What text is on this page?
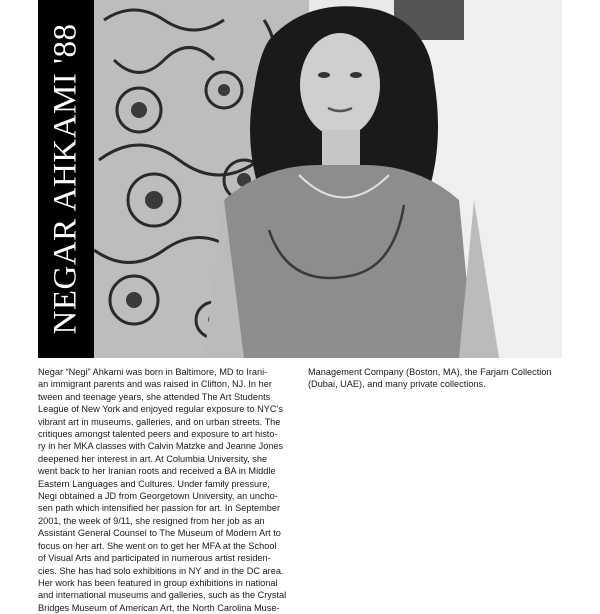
NEGAR AHKAMI '88
Negar “Negi” Ahkami was born in Baltimore, MD to Irani-
an immigrant parents and was raised in Clifton, NJ. In her
tween and teenage years, she attended The Art Students
League of New York and enjoyed regular exposure to NYC’s
vibrant art in museums, galleries, and on urban streets. The
critiques amongst talented peers and exposure to art histo-
ry in her MKA classes with Calvin Matzke and Jeanne Jones
deepened her interest in art. At Columbia University, she
went back to her Iranian roots and received a BA in Middle
Eastern Languages and Cultures. Under family pressure,
Negi obtained a JD from Georgetown University, an uncho-
sen path which intensified her passion for art. In September
2001, the week of 9/11, she resigned from her job as an
Assistant General Counsel to The Museum of Modern Art to
focus on her art. She went on to get her MFA at the School
of Visual Arts and participated in numerous artist residen-
cies. She has had solo exhibitions in NY and in the DC area.
Her work has been featured in group exhibitions in national
and international museums and galleries, such as the Crystal
Bridges Museum of American Art, the North Carolina Muse-
Management Company (Boston, MA), the Farjam Collection
(Dubai, UAE), and many private collections.
